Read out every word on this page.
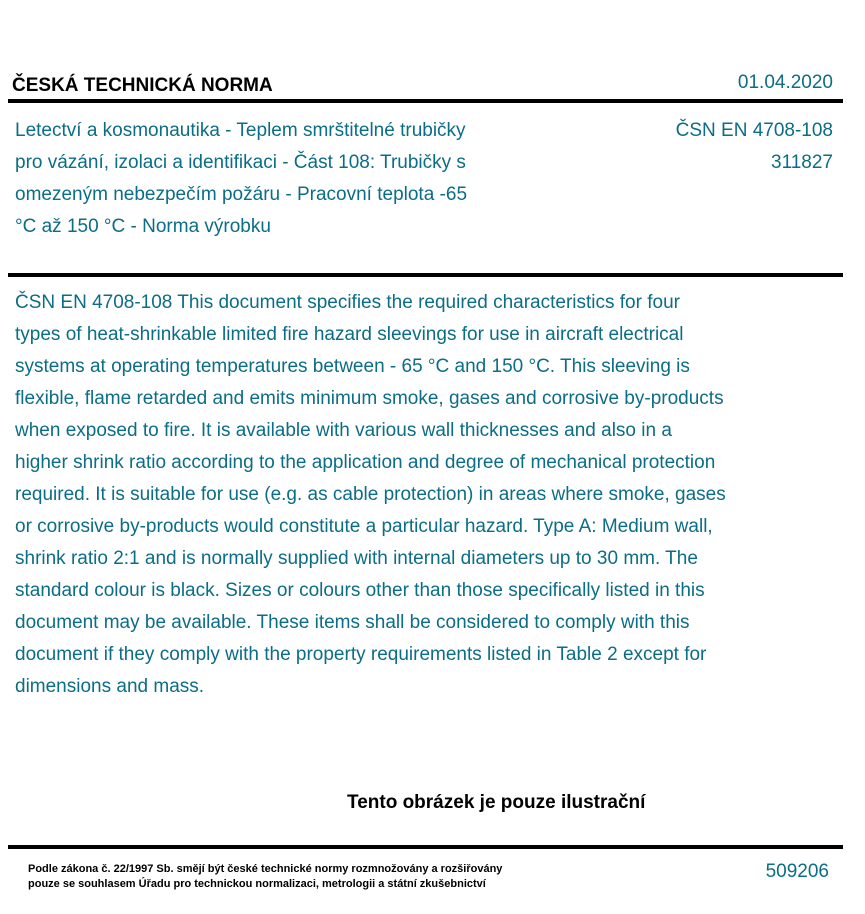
ČESKÁ TECHNICKÁ NORMA	01.04.2020
Letectví a kosmonautika - Teplem smrštitelné trubičky pro vázání, izolaci a identifikaci - Část 108: Trubičky s omezeným nebezpečím požáru - Pracovní teplota -65 °C až 150 °C - Norma výrobku
ČSN EN 4708-108
311827

ČSN EN 4708-108 This document specifies the required characteristics for four types of heat-shrinkable limited fire hazard sleevings for use in aircraft electrical systems at operating temperatures between - 65 °C and 150 °C. This sleeving is flexible, flame retarded and emits minimum smoke, gases and corrosive by-products when exposed to fire. It is available with various wall thicknesses and also in a higher shrink ratio according to the application and degree of mechanical protection required. It is suitable for use (e.g. as cable protection) in areas where smoke, gases or corrosive by-products would constitute a particular hazard. Type A: Medium wall, shrink ratio 2:1 and is normally supplied with internal diameters up to 30 mm. The standard colour is black. Sizes or colours other than those specifically listed in this document may be available. These items shall be considered to comply with this document if they comply with the property requirements listed in Table 2 except for dimensions and mass.

Tento obrázek je pouze ilustrační
Podle zákona č. 22/1997 Sb. smějí být české technické normy rozmnožovány a rozšiřovány
pouze se souhlasem Úřadu pro technickou normalizaci, metrologii a státní zkušebnictví
509206
